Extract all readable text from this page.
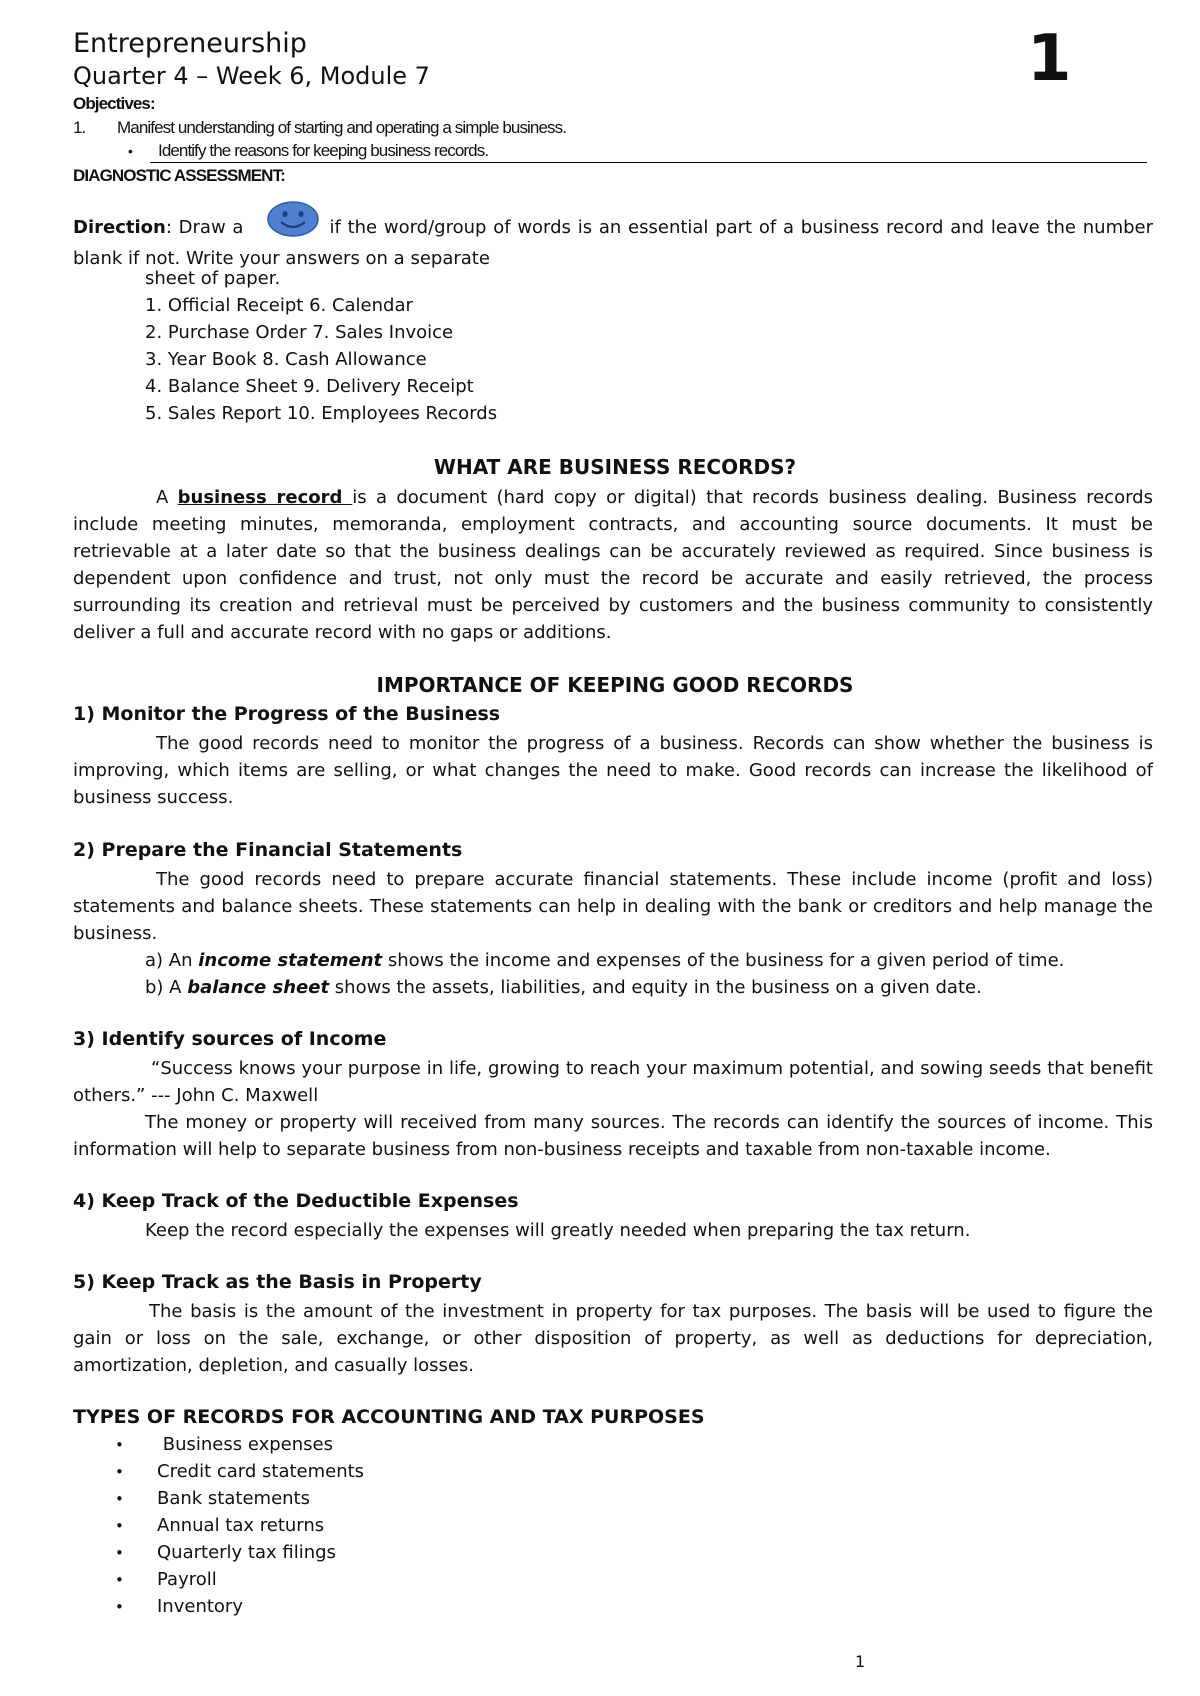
Entrepreneurship
Quarter 4 – Week 6, Module 7	1
Objectives:
1. Manifest understanding of starting and operating a simple business.
• Identify the reasons for keeping business records.
DIAGNOSTIC ASSESSMENT:
Direction: Draw a	if the word/group of words is an essential part of a business record and leave the number blank if not. Write your answers on a separate
sheet of paper.
1. Official Receipt 6. Calendar
2. Purchase Order 7. Sales Invoice
3. Year Book 8. Cash Allowance
4. Balance Sheet 9. Delivery Receipt
5. Sales Report 10. Employees Records
WHAT ARE BUSINESS RECORDS?
A business record is a document (hard copy or digital) that records business dealing. Business records include meeting minutes, memoranda, employment contracts, and accounting source documents. It must be retrievable at a later date so that the business dealings can be accurately reviewed as required. Since business is dependent upon confidence and trust, not only must the record be accurate and easily retrieved, the process surrounding its creation and retrieval must be perceived by customers and the business community to consistently deliver a full and accurate record with no gaps or additions.
IMPORTANCE OF KEEPING GOOD RECORDS
1) Monitor the Progress of the Business
The good records need to monitor the progress of a business. Records can show whether the business is improving, which items are selling, or what changes the need to make. Good records can increase the likelihood of business success.
2) Prepare the Financial Statements
The good records need to prepare accurate financial statements. These include income (profit and loss) statements and balance sheets. These statements can help in dealing with the bank or creditors and help manage the business.
a) An income statement shows the income and expenses of the business for a given period of time.
b) A balance sheet shows the assets, liabilities, and equity in the business on a given date.
3) Identify sources of Income
“Success knows your purpose in life, growing to reach your maximum potential, and sowing seeds that benefit others.” --- John C. Maxwell
The money or property will received from many sources. The records can identify the sources of income. This information will help to separate business from non-business receipts and taxable from non-taxable income.
4) Keep Track of the Deductible Expenses
Keep the record especially the expenses will greatly needed when preparing the tax return.
5) Keep Track as the Basis in Property
The basis is the amount of the investment in property for tax purposes. The basis will be used to figure the gain or loss on the sale, exchange, or other disposition of property, as well as deductions for depreciation, amortization, depletion, and casually losses.
TYPES OF RECORDS FOR ACCOUNTING AND TAX PURPOSES
• Business expenses
• Credit card statements
• Bank statements
• Annual tax returns
• Quarterly tax filings
• Payroll
• Inventory
1
